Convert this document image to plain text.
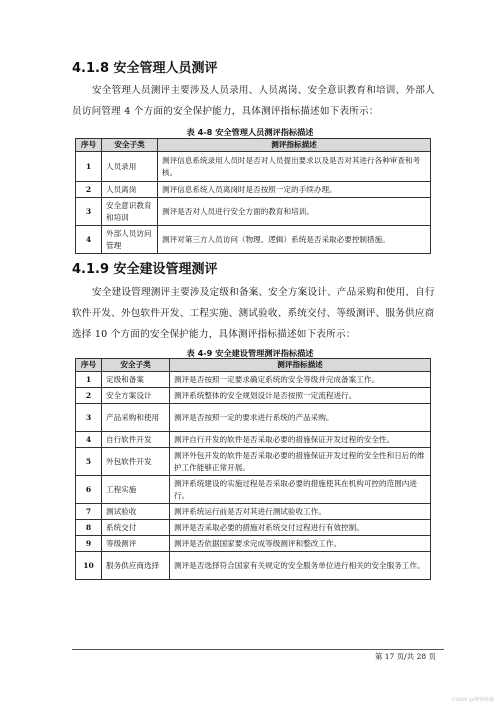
4.1.8 安全管理人员测评
安全管理人员测评主要涉及人员录用、人员离岗、安全意识教育和培训、外部人员访问管理 4 个方面的安全保护能力，具体测评指标描述如下表所示：
表 4-8 安全管理人员测评指标描述
序号	安全子类	测评指标描述
1	人员录用	测评信息系统录用人员时是否对人员提出要求以及是否对其进行各种审查和考核。
2	人员离岗	测评信息系统人员离岗时是否按照一定的手续办理。
3	安全意识教育和培训	测评是否对人员进行安全方面的教育和培训。
4	外部人员访问管理	测评对第三方人员访问（物理、逻辑）系统是否采取必要控制措施。
4.1.9 安全建设管理测评
安全建设管理测评主要涉及定级和备案、安全方案设计、产品采购和使用、自行软件开发、外包软件开发、工程实施、测试验收、系统交付、等级测评、服务供应商选择 10 个方面的安全保护能力，具体测评指标描述如下表所示：
表 4-9 安全建设管理测评指标描述
序号	安全子类	测评指标描述
1	定级和备案	测评是否按照一定要求确定系统的安全等级并完成备案工作。
2	安全方案设计	测评系统整体的安全规划设计是否按照一定流程进行。
3	产品采购和使用	测评是否按照一定的要求进行系统的产品采购。
4	自行软件开发	测评自行开发的软件是否采取必要的措施保证开发过程的安全性。
5	外包软件开发	测评外包开发的软件是否采取必要的措施保证开发过程的安全性和日后的维护工作能够正常开展。
6	工程实施	测评系统建设的实施过程是否采取必要的措施使其在机构可控的范围内进行。
7	测试验收	测评系统运行前是否对其进行测试验收工作。
8	系统交付	测评是否采取必要的措施对系统交付过程进行有效控制。
9	等级测评	测评是否依据国家要求完成等级测评和整改工作。
10	服务供应商选择	测评是否选择符合国家有关规定的安全服务单位进行相关的安全服务工作。
第 17 页/共 28 页
CSDN @博客转载
